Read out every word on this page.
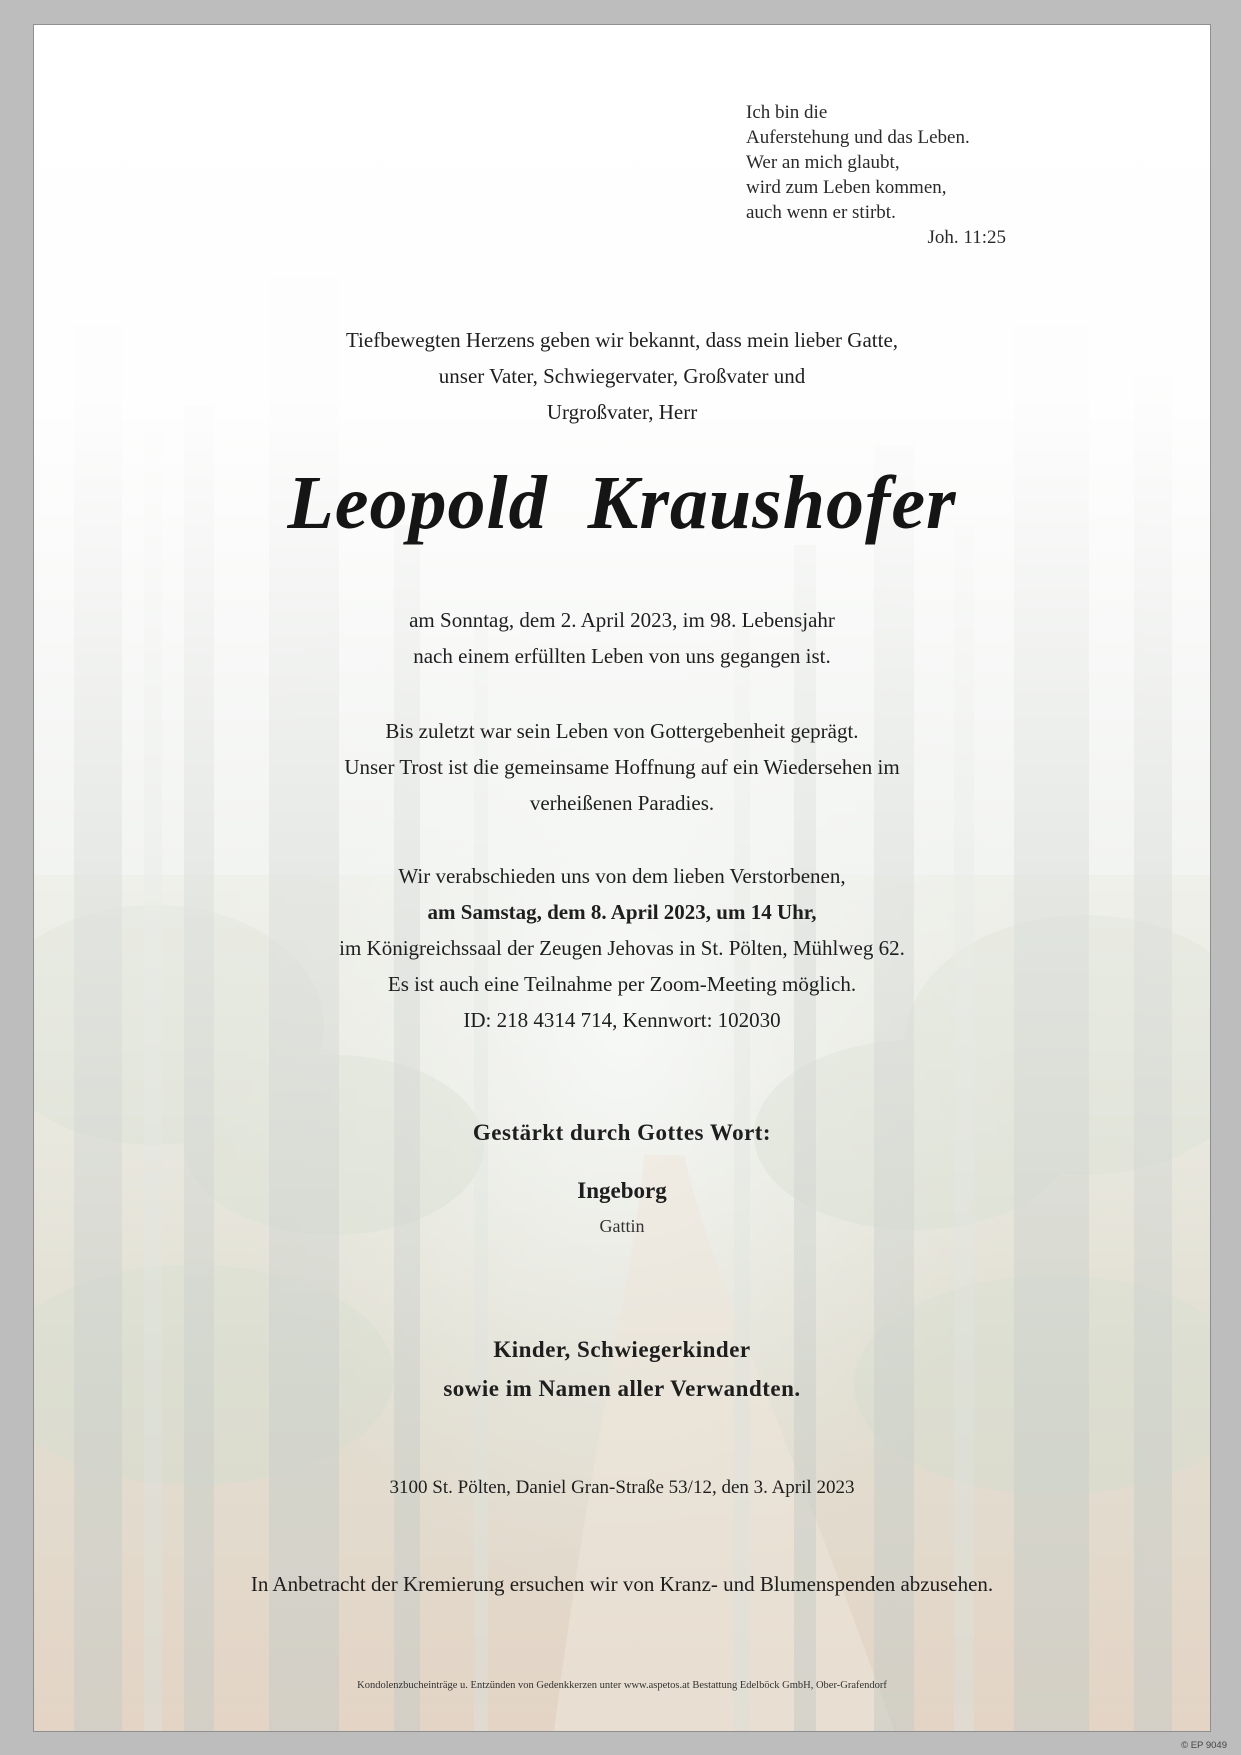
Ich bin die
Auferstehung und das Leben.
Wer an mich glaubt,
wird zum Leben kommen,
auch wenn er stirbt.
Joh. 11:25
Tiefbewegten Herzens geben wir bekannt, dass mein lieber Gatte,
unser Vater, Schwiegervater, Großvater und
Urgroßvater, Herr
Leopold Kraushofer
am Sonntag, dem 2. April 2023, im 98. Lebensjahr
nach einem erfüllten Leben von uns gegangen ist.
Bis zuletzt war sein Leben von Gottergebenheit geprägt.
Unser Trost ist die gemeinsame Hoffnung auf ein Wiedersehen im
verheißenen Paradies.
Wir verabschieden uns von dem lieben Verstorbenen,
am Samstag, dem 8. April 2023, um 14 Uhr,
im Königreichssaal der Zeugen Jehovas in St. Pölten, Mühlweg 62.
Es ist auch eine Teilnahme per Zoom-Meeting möglich.
ID: 218 4314 714, Kennwort: 102030
Gestärkt durch Gottes Wort:
Ingeborg
Gattin
Kinder, Schwiegerkinder
sowie im Namen aller Verwandten.
3100 St. Pölten, Daniel Gran-Straße 53/12, den 3. April 2023
In Anbetracht der Kremierung ersuchen wir von Kranz- und Blumenspenden abzusehen.
Kondolenzbucheinträge u. Entzünden von Gedenkkerzen unter www.aspetos.at Bestattung Edelböck GmbH, Ober-Grafendorf
© EP 9049
